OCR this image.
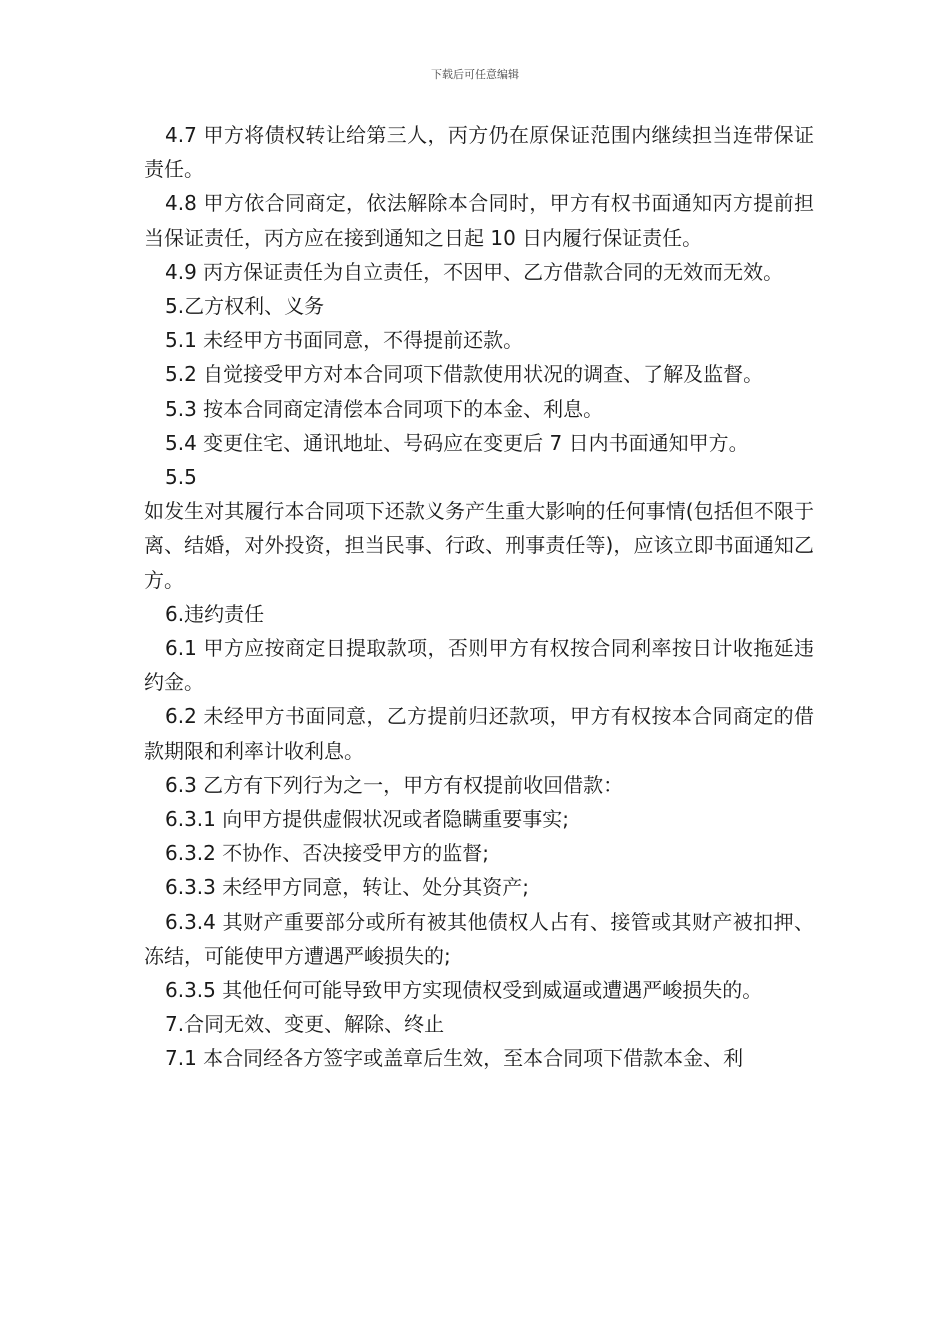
下载后可任意编辑

4.7 甲方将债权转让给第三人，丙方仍在原保证范围内继续担当连带保证责任。

4.8 甲方依合同商定，依法解除本合同时，甲方有权书面通知丙方提前担当保证责任，丙方应在接到通知之日起 10 日内履行保证责任。

4.9 丙方保证责任为自立责任，不因甲、乙方借款合同的无效而无效。

5.乙方权利、义务

5.1 未经甲方书面同意，不得提前还款。

5.2 自觉接受甲方对本合同项下借款使用状况的调查、了解及监督。

5.3 按本合同商定清偿本合同项下的本金、利息。

5.4 变更住宅、通讯地址、号码应在变更后 7 日内书面通知甲方。

5.5

如发生对其履行本合同项下还款义务产生重大影响的任何事情(包括但不限于离、结婚，对外投资，担当民事、行政、刑事责任等)，应该立即书面通知乙方。

6.违约责任

6.1 甲方应按商定日提取款项，否则甲方有权按合同利率按日计收拖延违约金。

6.2 未经甲方书面同意，乙方提前归还款项，甲方有权按本合同商定的借款期限和利率计收利息。

6.3 乙方有下列行为之一，甲方有权提前收回借款：

6.3.1 向甲方提供虚假状况或者隐瞒重要事实;

6.3.2 不协作、否决接受甲方的监督;

6.3.3 未经甲方同意，转让、处分其资产;

6.3.4 其财产重要部分或所有被其他债权人占有、接管或其财产被扣押、冻结，可能使甲方遭遇严峻损失的;

6.3.5 其他任何可能导致甲方实现债权受到威逼或遭遇严峻损失的。

7.合同无效、变更、解除、终止

7.1 本合同经各方签字或盖章后生效，至本合同项下借款本金、利
